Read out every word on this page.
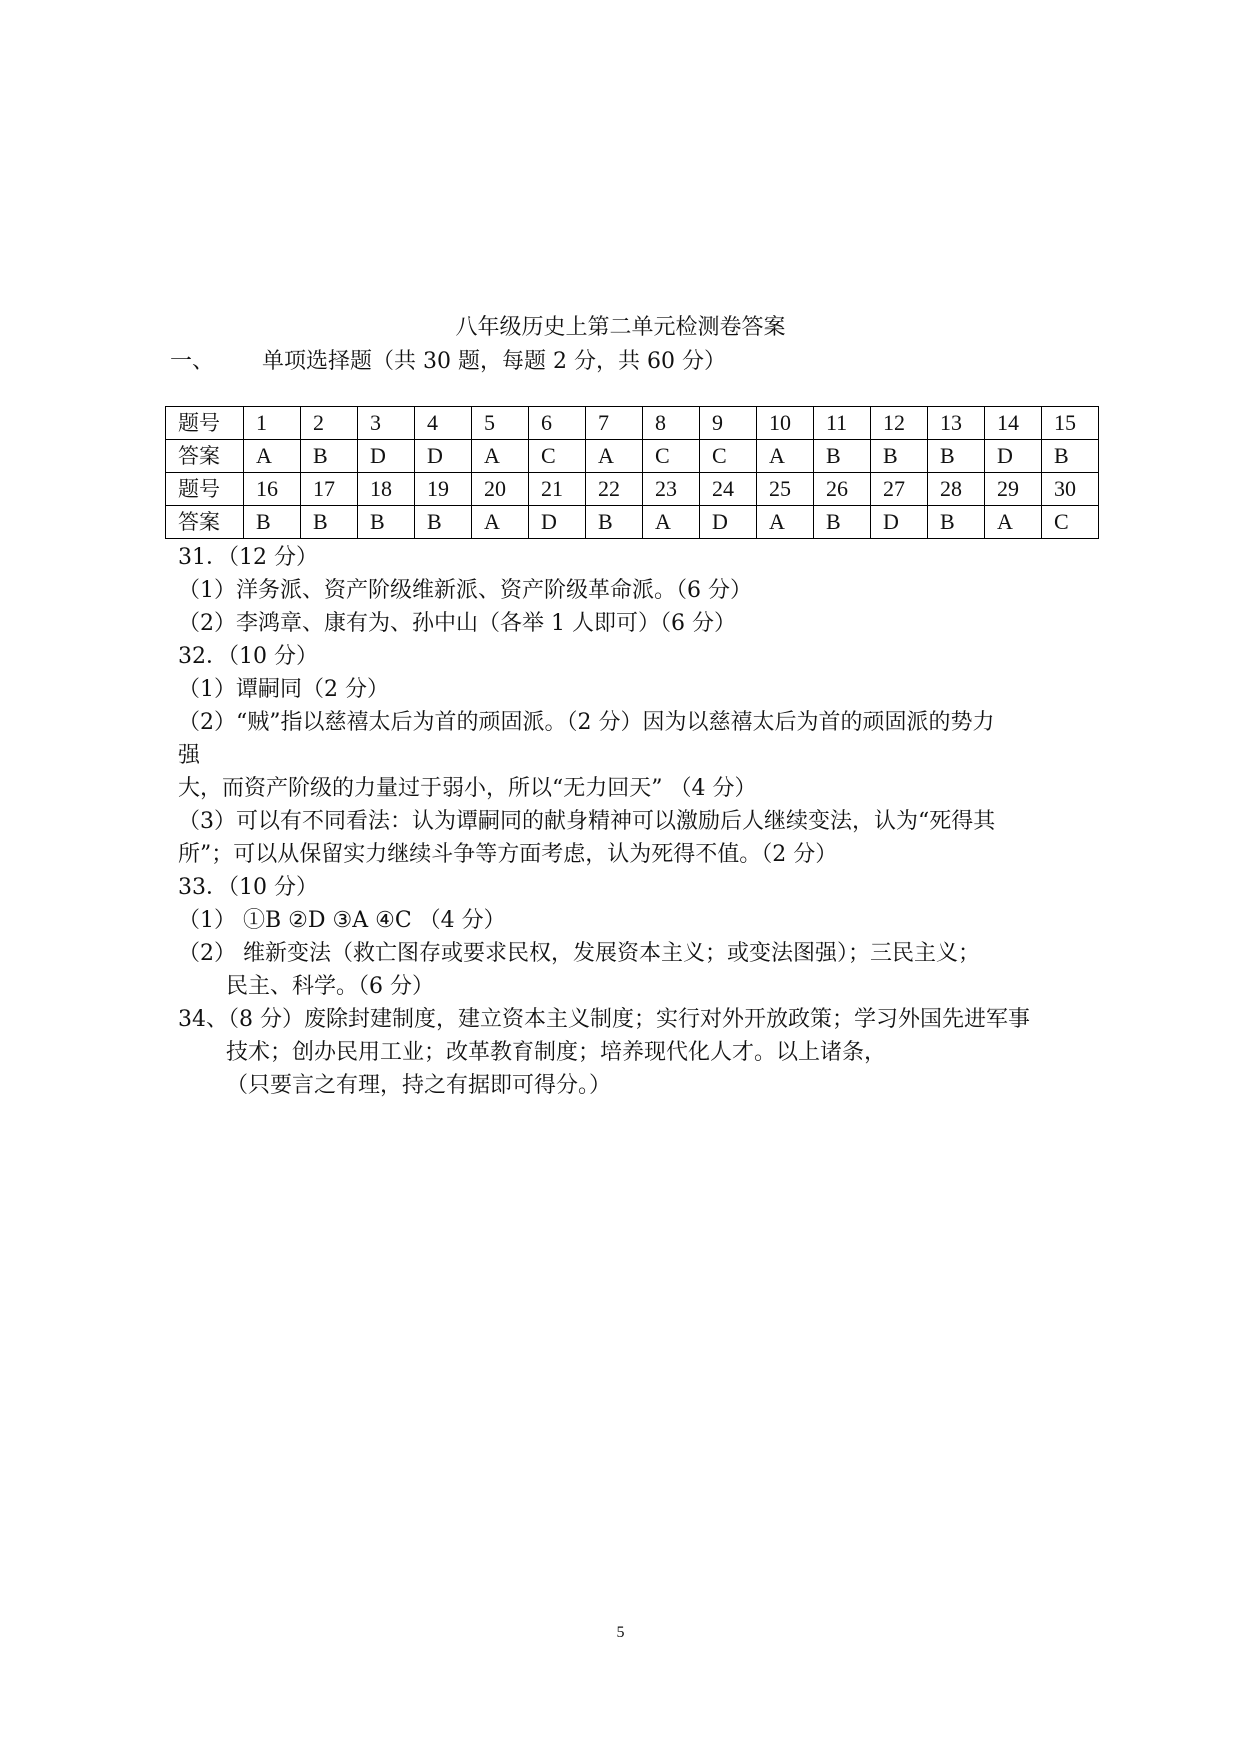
八年级历史上第二单元检测卷答案
一、 单项选择题（共 30 题，每题 2 分，共 60 分）
题号	1	2	3	4	5	6	7	8	9	10	11	12	13	14	15
答案	A	B	D	D	A	C	A	C	C	A	B	B	B	D	B
题号	16	17	18	19	20	21	22	23	24	25	26	27	28	29	30
答案	B	B	B	B	A	D	B	A	D	A	B	D	B	A	C
31．（12 分）
（1）洋务派、资产阶级维新派、资产阶级革命派。（6 分）
（2）李鸿章、康有为、孙中山（各举 1 人即可）（6 分）
32．（10 分）
（1）谭嗣同（2 分）
（2）“贼”指以慈禧太后为首的顽固派。（2 分）因为以慈禧太后为首的顽固派的势力
强
大，而资产阶级的力量过于弱小，所以“无力回天” （4 分）
（3）可以有不同看法：认为谭嗣同的献身精神可以激励后人继续变法，认为“死得其
所”；可以从保留实力继续斗争等方面考虑，认为死得不值。（2 分）
33．（10 分）
（1） ①B ②D ③A ④C （4 分）
（2） 维新变法（救亡图存或要求民权，发展资本主义；或变法图强）；三民主义；
民主、科学。（6 分）
34、（8 分）废除封建制度，建立资本主义制度；实行对外开放政策；学习外国先进军事
技术；创办民用工业；改革教育制度；培养现代化人才。以上诸条，
（只要言之有理，持之有据即可得分。）
5
